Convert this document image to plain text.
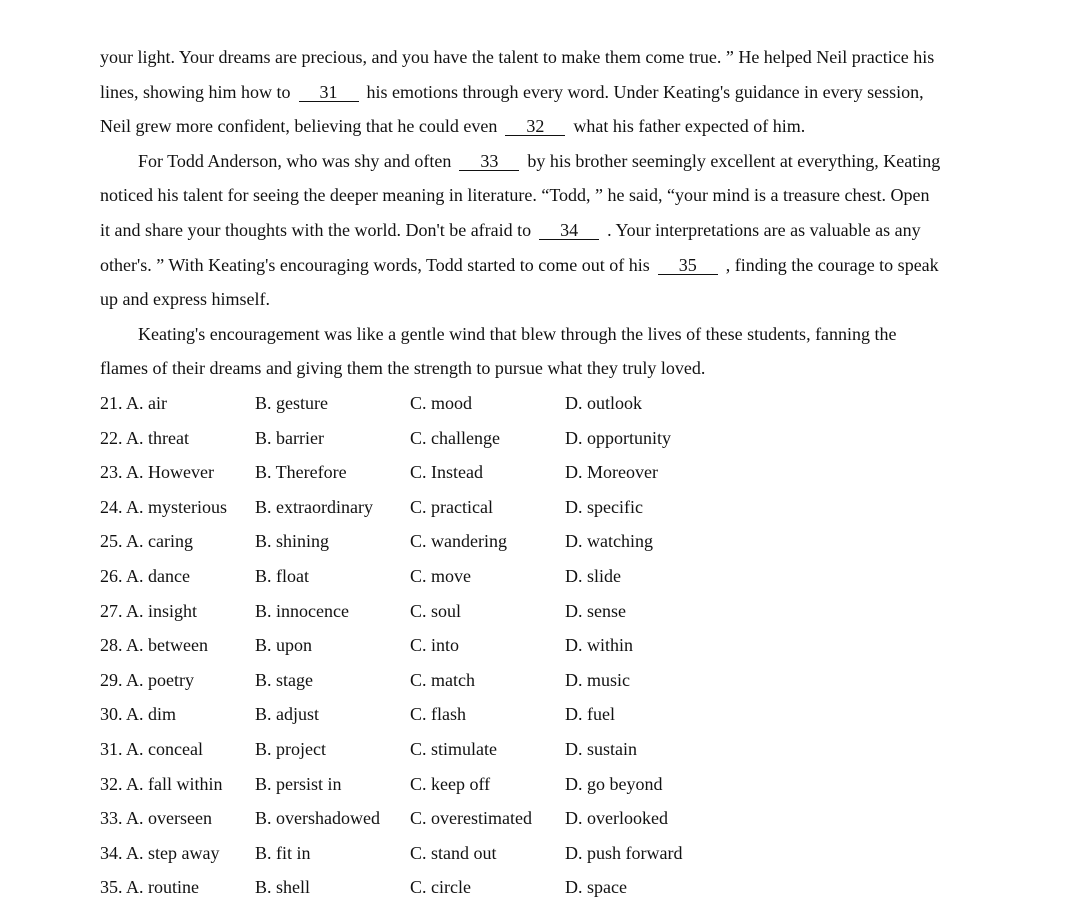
your light. Your dreams are precious, and you have the talent to make them come true. ” He helped Neil practice his
lines, showing him how to 31 his emotions through every word. Under Keating's guidance in every session,
Neil grew more confident, believing that he could even 32 what his father expected of him.
For Todd Anderson, who was shy and often 33 by his brother seemingly excellent at everything, Keating
noticed his talent for seeing the deeper meaning in literature. “Todd, ” he said, “your mind is a treasure chest. Open
it and share your thoughts with the world. Don't be afraid to 34 . Your interpretations are as valuable as any
other's. ” With Keating's encouraging words, Todd started to come out of his 35 , finding the courage to speak
up and express himself.
Keating's encouragement was like a gentle wind that blew through the lives of these students, fanning the
flames of their dreams and giving them the strength to pursue what they truly loved.
21. A. air	B. gesture	C. mood	D. outlook
22. A. threat	B. barrier	C. challenge	D. opportunity
23. A. However B. Therefore	C. Instead	D. Moreover
24. A. mysterious B. extraordinary C. practical	D. specific
25. A. caring	B. shining	C. wandering	D. watching
26. A. dance	B. float	C. move	D. slide
27. A. insight	B. innocence	C. soul	D. sense
28. A. between	B. upon	C. into	D. within
29. A. poetry	B. stage	C. match	D. music
30. A. dim	B. adjust	C. flash	D. fuel
31. A. conceal	B. project	C. stimulate	D. sustain
32. A. fall within B. persist in	C. keep off	D. go beyond
33. A. overseen B. overshadowed C. overestimated D. overlooked
34. A. step away B. fit in	C. stand out	D. push forward
35. A. routine	B. shell	C. circle	D. space
